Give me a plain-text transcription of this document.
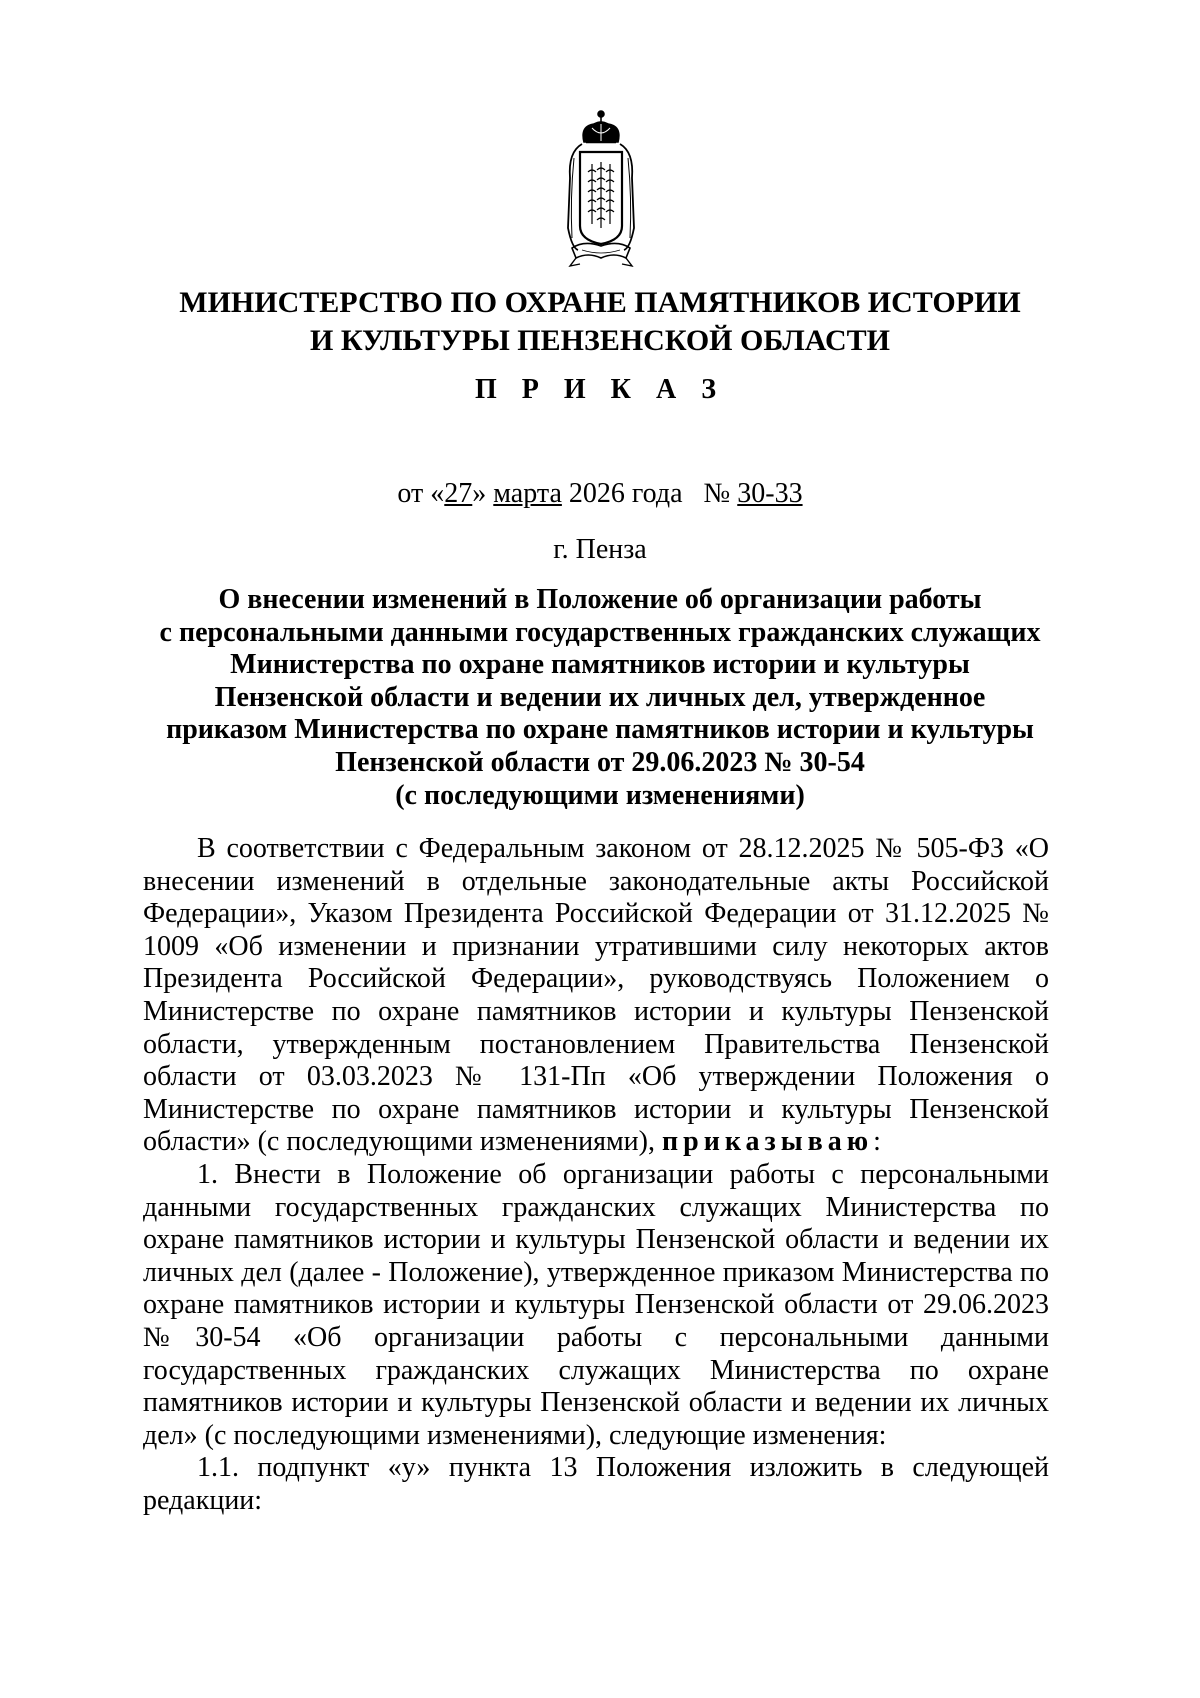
МИНИСТЕРСТВО ПО ОХРАНЕ ПАМЯТНИКОВ ИСТОРИИ
И КУЛЬТУРЫ ПЕНЗЕНСКОЙ ОБЛАСТИ

П Р И К А З

от «27» марта 2026 года   № 30-33

г. Пенза

О внесении изменений в Положение об организации работы
с персональными данными государственных гражданских служащих
Министерства по охране памятников истории и культуры
Пензенской области и ведении их личных дел, утвержденное
приказом Министерства по охране памятников истории и культуры
Пензенской области от 29.06.2023 № 30-54
(с последующими изменениями)

В соответствии с Федеральным законом от 28.12.2025 № 505-ФЗ «О внесении изменений в отдельные законодательные акты Российской Федерации», Указом Президента Российской Федерации от 31.12.2025 № 1009 «Об изменении и признании утратившими силу некоторых актов Президента Российской Федерации», руководствуясь Положением о Министерстве по охране памятников истории и культуры Пензенской области, утвержденным постановлением Правительства Пензенской области от 03.03.2023 № 131-Пп «Об утверждении Положения о Министерстве по охране памятников истории и культуры Пензенской области» (с последующими изменениями), приказываю:

1. Внести в Положение об организации работы с персональными данными государственных гражданских служащих Министерства по охране памятников истории и культуры Пензенской области и ведении их личных дел (далее - Положение), утвержденное приказом Министерства по охране памятников истории и культуры Пензенской области от 29.06.2023 №30-54 «Об организации работы с персональными данными государственных гражданских служащих Министерства по охране памятников истории и культуры Пензенской области и ведении их личных дел» (с последующими изменениями), следующие изменения:

1.1. подпункт «у» пункта 13 Положения изложить в следующей редакции:
